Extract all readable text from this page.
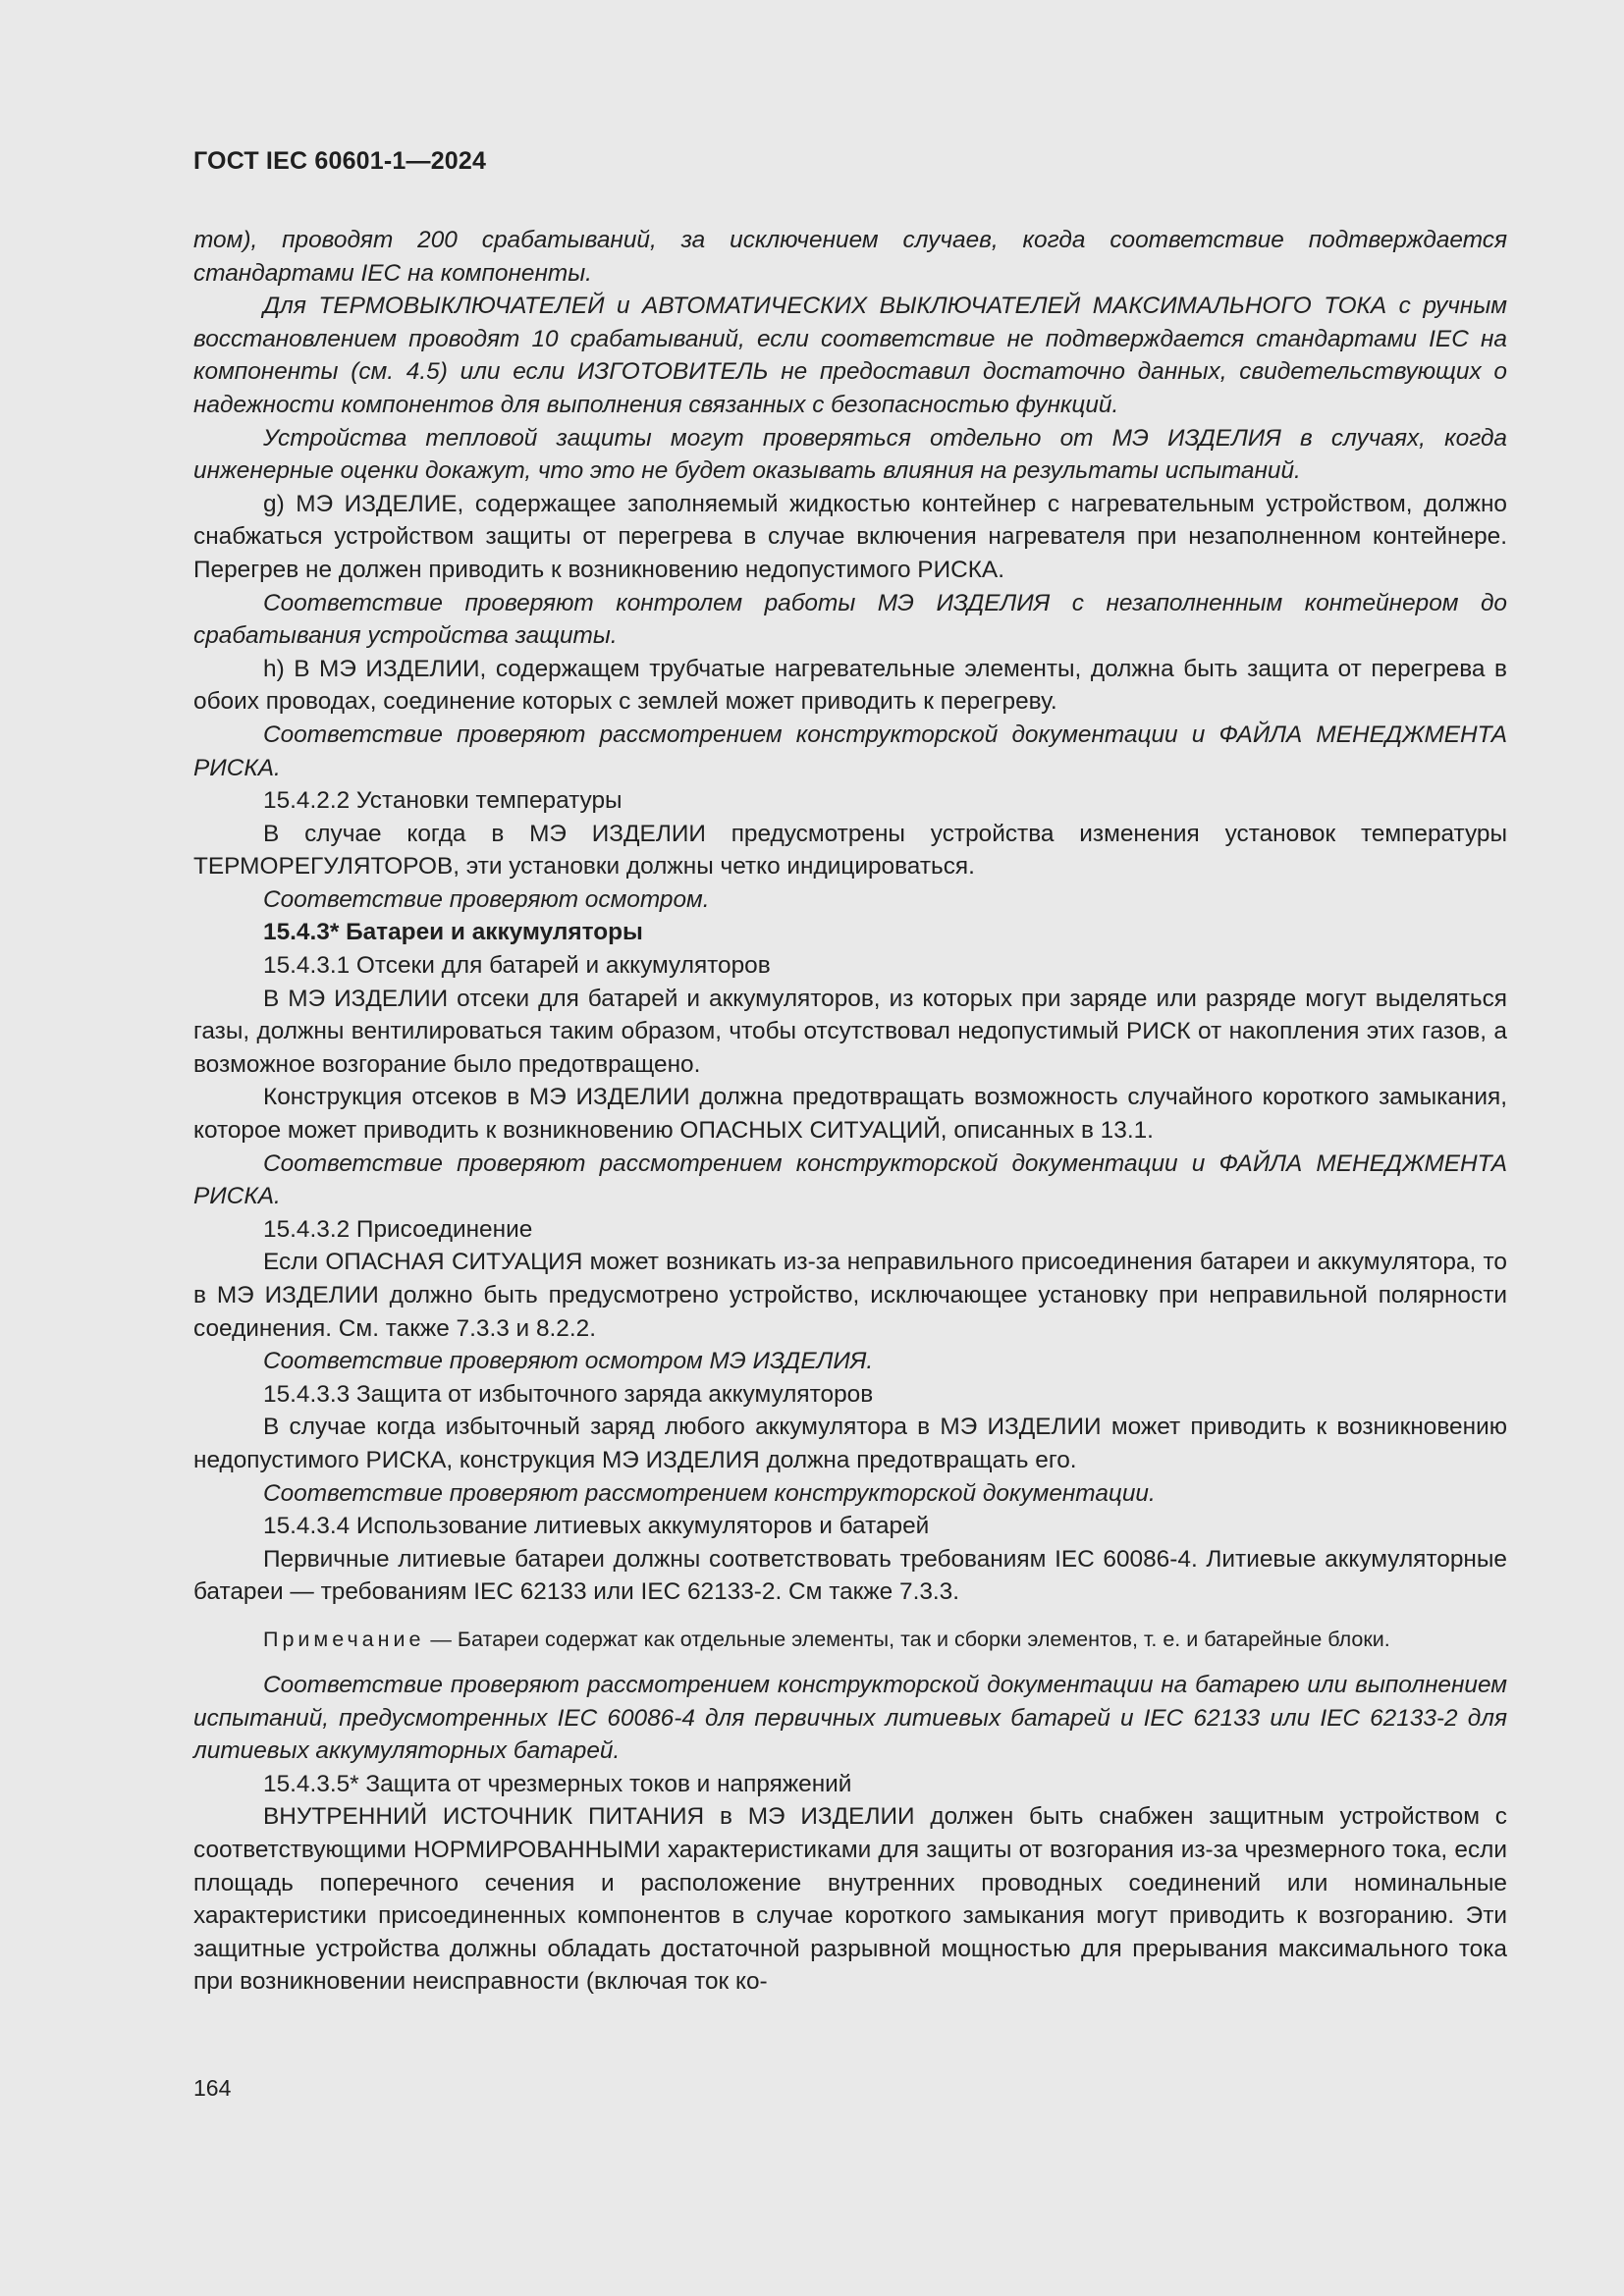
ГОСТ IEC 60601-1—2024

том), проводят 200 срабатываний, за исключением случаев, когда соответствие подтверждается стандартами IEC на компоненты.

Для ТЕРМОВЫКЛЮЧАТЕЛЕЙ и АВТОМАТИЧЕСКИХ ВЫКЛЮЧАТЕЛЕЙ МАКСИМАЛЬНОГО ТОКА с ручным восстановлением проводят 10 срабатываний, если соответствие не подтверждается стандартами IEC на компоненты (см. 4.5) или если ИЗГОТОВИТЕЛЬ не предоставил достаточно данных, свидетельствующих о надежности компонентов для выполнения связанных с безопасностью функций.

Устройства тепловой защиты могут проверяться отдельно от МЭ ИЗДЕЛИЯ в случаях, когда инженерные оценки докажут, что это не будет оказывать влияния на результаты испытаний.

g) МЭ ИЗДЕЛИЕ, содержащее заполняемый жидкостью контейнер с нагревательным устройством, должно снабжаться устройством защиты от перегрева в случае включения нагревателя при незаполненном контейнере. Перегрев не должен приводить к возникновению недопустимого РИСКА.

Соответствие проверяют контролем работы МЭ ИЗДЕЛИЯ с незаполненным контейнером до срабатывания устройства защиты.

h) В МЭ ИЗДЕЛИИ, содержащем трубчатые нагревательные элементы, должна быть защита от перегрева в обоих проводах, соединение которых с землей может приводить к перегреву.

Соответствие проверяют рассмотрением конструкторской документации и ФАЙЛА МЕНЕДЖМЕНТА РИСКА.

15.4.2.2 Установки температуры

В случае когда в МЭ ИЗДЕЛИИ предусмотрены устройства изменения установок температуры ТЕРМОРЕГУЛЯТОРОВ, эти установки должны четко индицироваться.

Соответствие проверяют осмотром.

15.4.3* Батареи и аккумуляторы

15.4.3.1 Отсеки для батарей и аккумуляторов

В МЭ ИЗДЕЛИИ отсеки для батарей и аккумуляторов, из которых при заряде или разряде могут выделяться газы, должны вентилироваться таким образом, чтобы отсутствовал недопустимый РИСК от накопления этих газов, а возможное возгорание было предотвращено.

Конструкция отсеков в МЭ ИЗДЕЛИИ должна предотвращать возможность случайного короткого замыкания, которое может приводить к возникновению ОПАСНЫХ СИТУАЦИЙ, описанных в 13.1.

Соответствие проверяют рассмотрением конструкторской документации и ФАЙЛА МЕНЕДЖМЕНТА РИСКА.

15.4.3.2 Присоединение

Если ОПАСНАЯ СИТУАЦИЯ может возникать из-за неправильного присоединения батареи и аккумулятора, то в МЭ ИЗДЕЛИИ должно быть предусмотрено устройство, исключающее установку при неправильной полярности соединения. См. также 7.3.3 и 8.2.2.

Соответствие проверяют осмотром МЭ ИЗДЕЛИЯ.

15.4.3.3 Защита от избыточного заряда аккумуляторов

В случае когда избыточный заряд любого аккумулятора в МЭ ИЗДЕЛИИ может приводить к возникновению недопустимого РИСКА, конструкция МЭ ИЗДЕЛИЯ должна предотвращать его.

Соответствие проверяют рассмотрением конструкторской документации.

15.4.3.4 Использование литиевых аккумуляторов и батарей

Первичные литиевые батареи должны соответствовать требованиям IEC 60086-4. Литиевые аккумуляторные батареи — требованиям IEC 62133 или IEC 62133-2. См также 7.3.3.

Примечание — Батареи содержат как отдельные элементы, так и сборки элементов, т. е. и батарейные блоки.

Соответствие проверяют рассмотрением конструкторской документации на батарею или выполнением испытаний, предусмотренных IEC 60086-4 для первичных литиевых батарей и IEC 62133 или IEC 62133-2 для литиевых аккумуляторных батарей.

15.4.3.5* Защита от чрезмерных токов и напряжений

ВНУТРЕННИЙ ИСТОЧНИК ПИТАНИЯ в МЭ ИЗДЕЛИИ должен быть снабжен защитным устройством с соответствующими НОРМИРОВАННЫМИ характеристиками для защиты от возгорания из-за чрезмерного тока, если площадь поперечного сечения и расположение внутренних проводных соединений или номинальные характеристики присоединенных компонентов в случае короткого замыкания могут приводить к возгоранию. Эти защитные устройства должны обладать достаточной разрывной мощностью для прерывания максимального тока при возникновении неисправности (включая ток ко-

164
